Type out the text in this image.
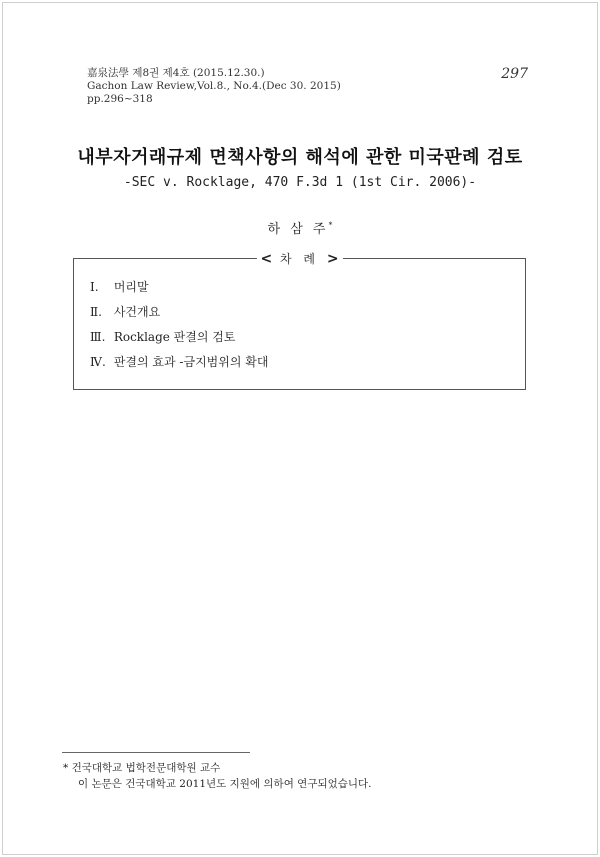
嘉泉法學 제8권 제4호 (2015.12.30.)
Gachon Law Review,Vol.8., No.4.(Dec 30. 2015)
pp.296~318
297
내부자거래규제 면책사항의 해석에 관한 미국판례 검토
-SEC v. Rocklage, 470 F.3d 1 (1st Cir. 2006)-
하 삼 주*
< 차 례 >
Ⅰ. 머리말
Ⅱ. 사건개요
Ⅲ. Rocklage 판결의 검토
Ⅳ. 판결의 효과 -금지범위의 확대
* 건국대학교 법학전문대학원 교수
이 논문은 건국대학교 2011년도 지원에 의하여 연구되었습니다.
